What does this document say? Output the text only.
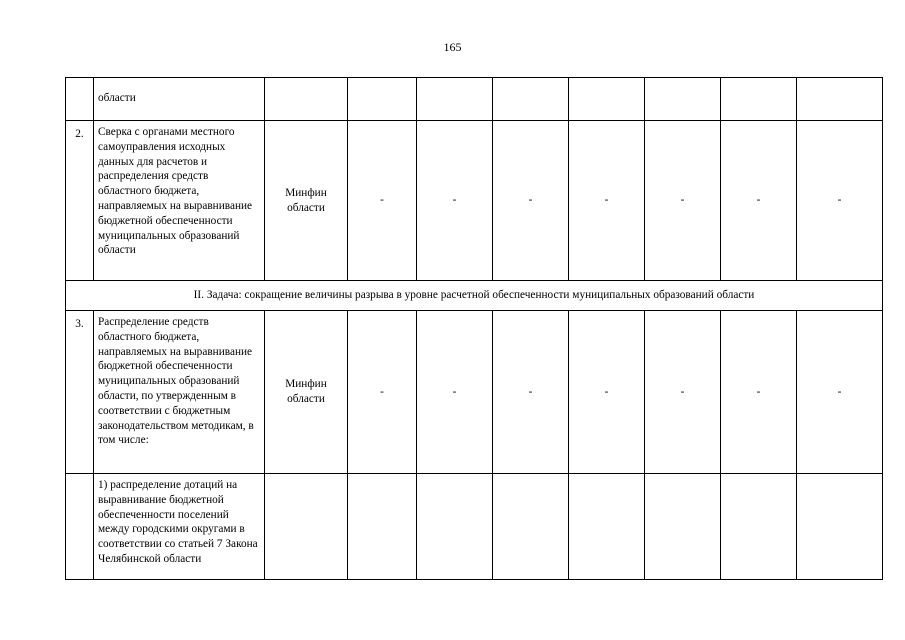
165
	области								
2.	Сверка с органами местного самоуправления исходных данных для расчетов и распределения средств областного бюджета, направляемых на выравнивание бюджетной обеспеченности муниципальных образований области	Минфин области	-	-	-	-	-	-	-
II. Задача: сокращение величины разрыва в уровне расчетной обеспеченности муниципальных образований области									
3.	Распределение средств областного бюджета, направляемых на выравнивание бюджетной обеспеченности муниципальных образований области, по утвержденным в соответствии с бюджетным законодательством методикам, в том числе:	Минфин области	-	-	-	-	-	-	-
	1) распределение дотаций на выравнивание бюджетной обеспеченности поселений между городскими округами в соответствии со статьей 7 Закона Челябинской области								
